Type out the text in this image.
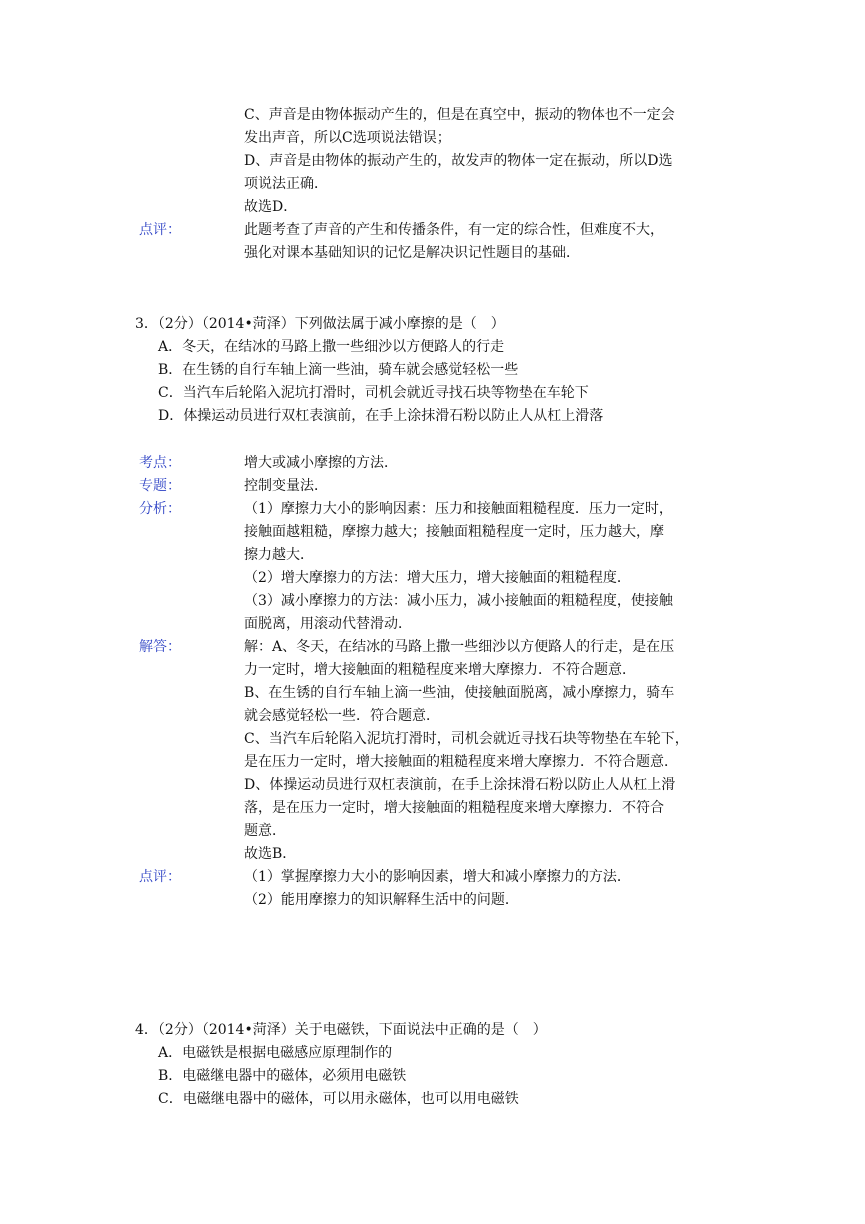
C、声音是由物体振动产生的，但是在真空中，振动的物体也不一定会
发出声音，所以C选项说法错误；
D、声音是由物体的振动产生的，故发声的物体一定在振动，所以D选
项说法正确．
故选D．
点评：	此题考查了声音的产生和传播条件，有一定的综合性，但难度不大，
强化对课本基础知识的记忆是解决识记性题目的基础．
3．（2分）（2014•菏泽）下列做法属于减小摩擦的是（　）
A．冬天，在结冰的马路上撒一些细沙以方便路人的行走
B．在生锈的自行车轴上滴一些油，骑车就会感觉轻松一些
C．当汽车后轮陷入泥坑打滑时，司机会就近寻找石块等物垫在车轮下
D．体操运动员进行双杠表演前，在手上涂抹滑石粉以防止人从杠上滑落
考点：	增大或减小摩擦的方法．
专题：	控制变量法．
分析：	（1）摩擦力大小的影响因素：压力和接触面粗糙程度．压力一定时，
接触面越粗糙，摩擦力越大；接触面粗糙程度一定时，压力越大，摩
擦力越大．
（2）增大摩擦力的方法：增大压力，增大接触面的粗糙程度．
（3）减小摩擦力的方法：减小压力，减小接触面的粗糙程度，使接触
面脱离，用滚动代替滑动．
解答：	解：A、冬天，在结冰的马路上撒一些细沙以方便路人的行走，是在压
力一定时，增大接触面的粗糙程度来增大摩擦力．不符合题意．
B、在生锈的自行车轴上滴一些油，使接触面脱离，减小摩擦力，骑车
就会感觉轻松一些．符合题意．
C、当汽车后轮陷入泥坑打滑时，司机会就近寻找石块等物垫在车轮下，
是在压力一定时，增大接触面的粗糙程度来增大摩擦力．不符合题意．
D、体操运动员进行双杠表演前，在手上涂抹滑石粉以防止人从杠上滑
落，是在压力一定时，增大接触面的粗糙程度来增大摩擦力．不符合
题意．
故选B．
点评：	（1）掌握摩擦力大小的影响因素，增大和减小摩擦力的方法．
（2）能用摩擦力的知识解释生活中的问题．
4．（2分）（2014•菏泽）关于电磁铁，下面说法中正确的是（　）
A．电磁铁是根据电磁感应原理制作的
B．电磁继电器中的磁体，必须用电磁铁
C．电磁继电器中的磁体，可以用永磁体，也可以用电磁铁
